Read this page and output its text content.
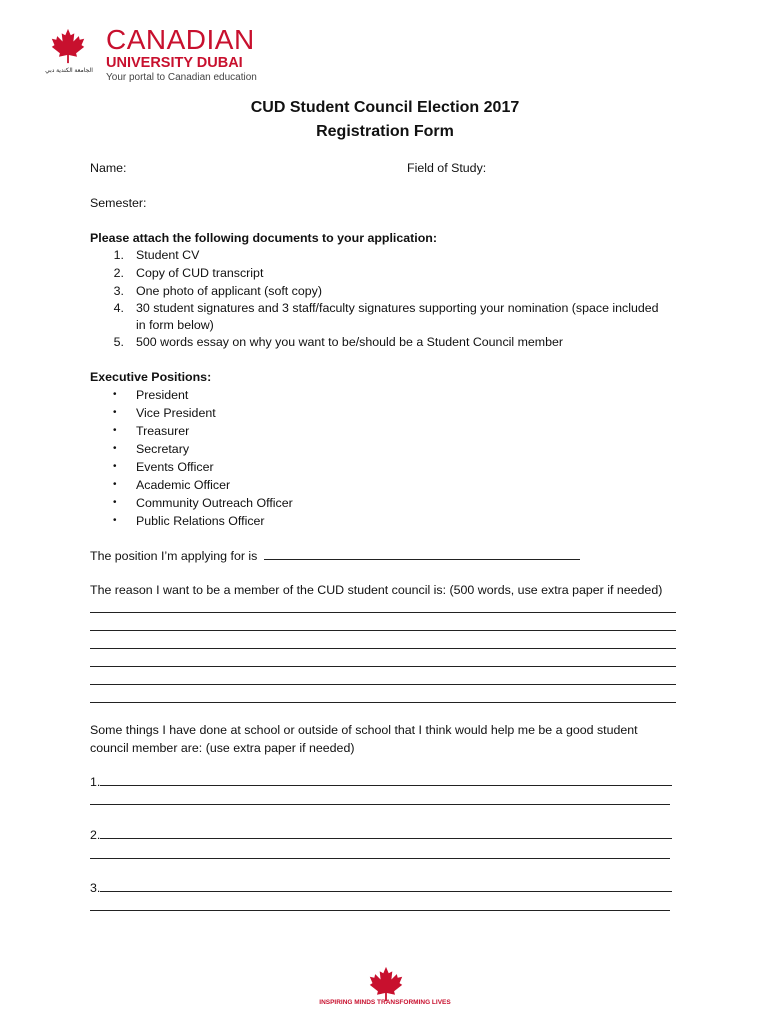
الجامعة الكندية دبي
CANADIAN
UNIVERSITY DUBAI
Your portal to Canadian education
CUD Student Council Election 2017
Registration Form
Name:	Field of Study:
Semester:
Please attach the following documents to your application:
1. Student CV
2. Copy of CUD transcript
3. One photo of applicant (soft copy)
4. 30 student signatures and 3 staff/faculty signatures supporting your nomination (space included
in form below)
5. 500 words essay on why you want to be/should be a Student Council member
Executive Positions:
• President
• Vice President
• Treasurer
• Secretary
• Events Officer
• Academic Officer
• Community Outreach Officer
• Public Relations Officer
The position I’m applying for is
The reason I want to be a member of the CUD student council is: (500 words, use extra paper if needed)
Some things I have done at school or outside of school that I think would help me be a good student
council member are: (use extra paper if needed)
1.
2.
3.
INSPIRING MINDS TRANSFORMING LIVES
